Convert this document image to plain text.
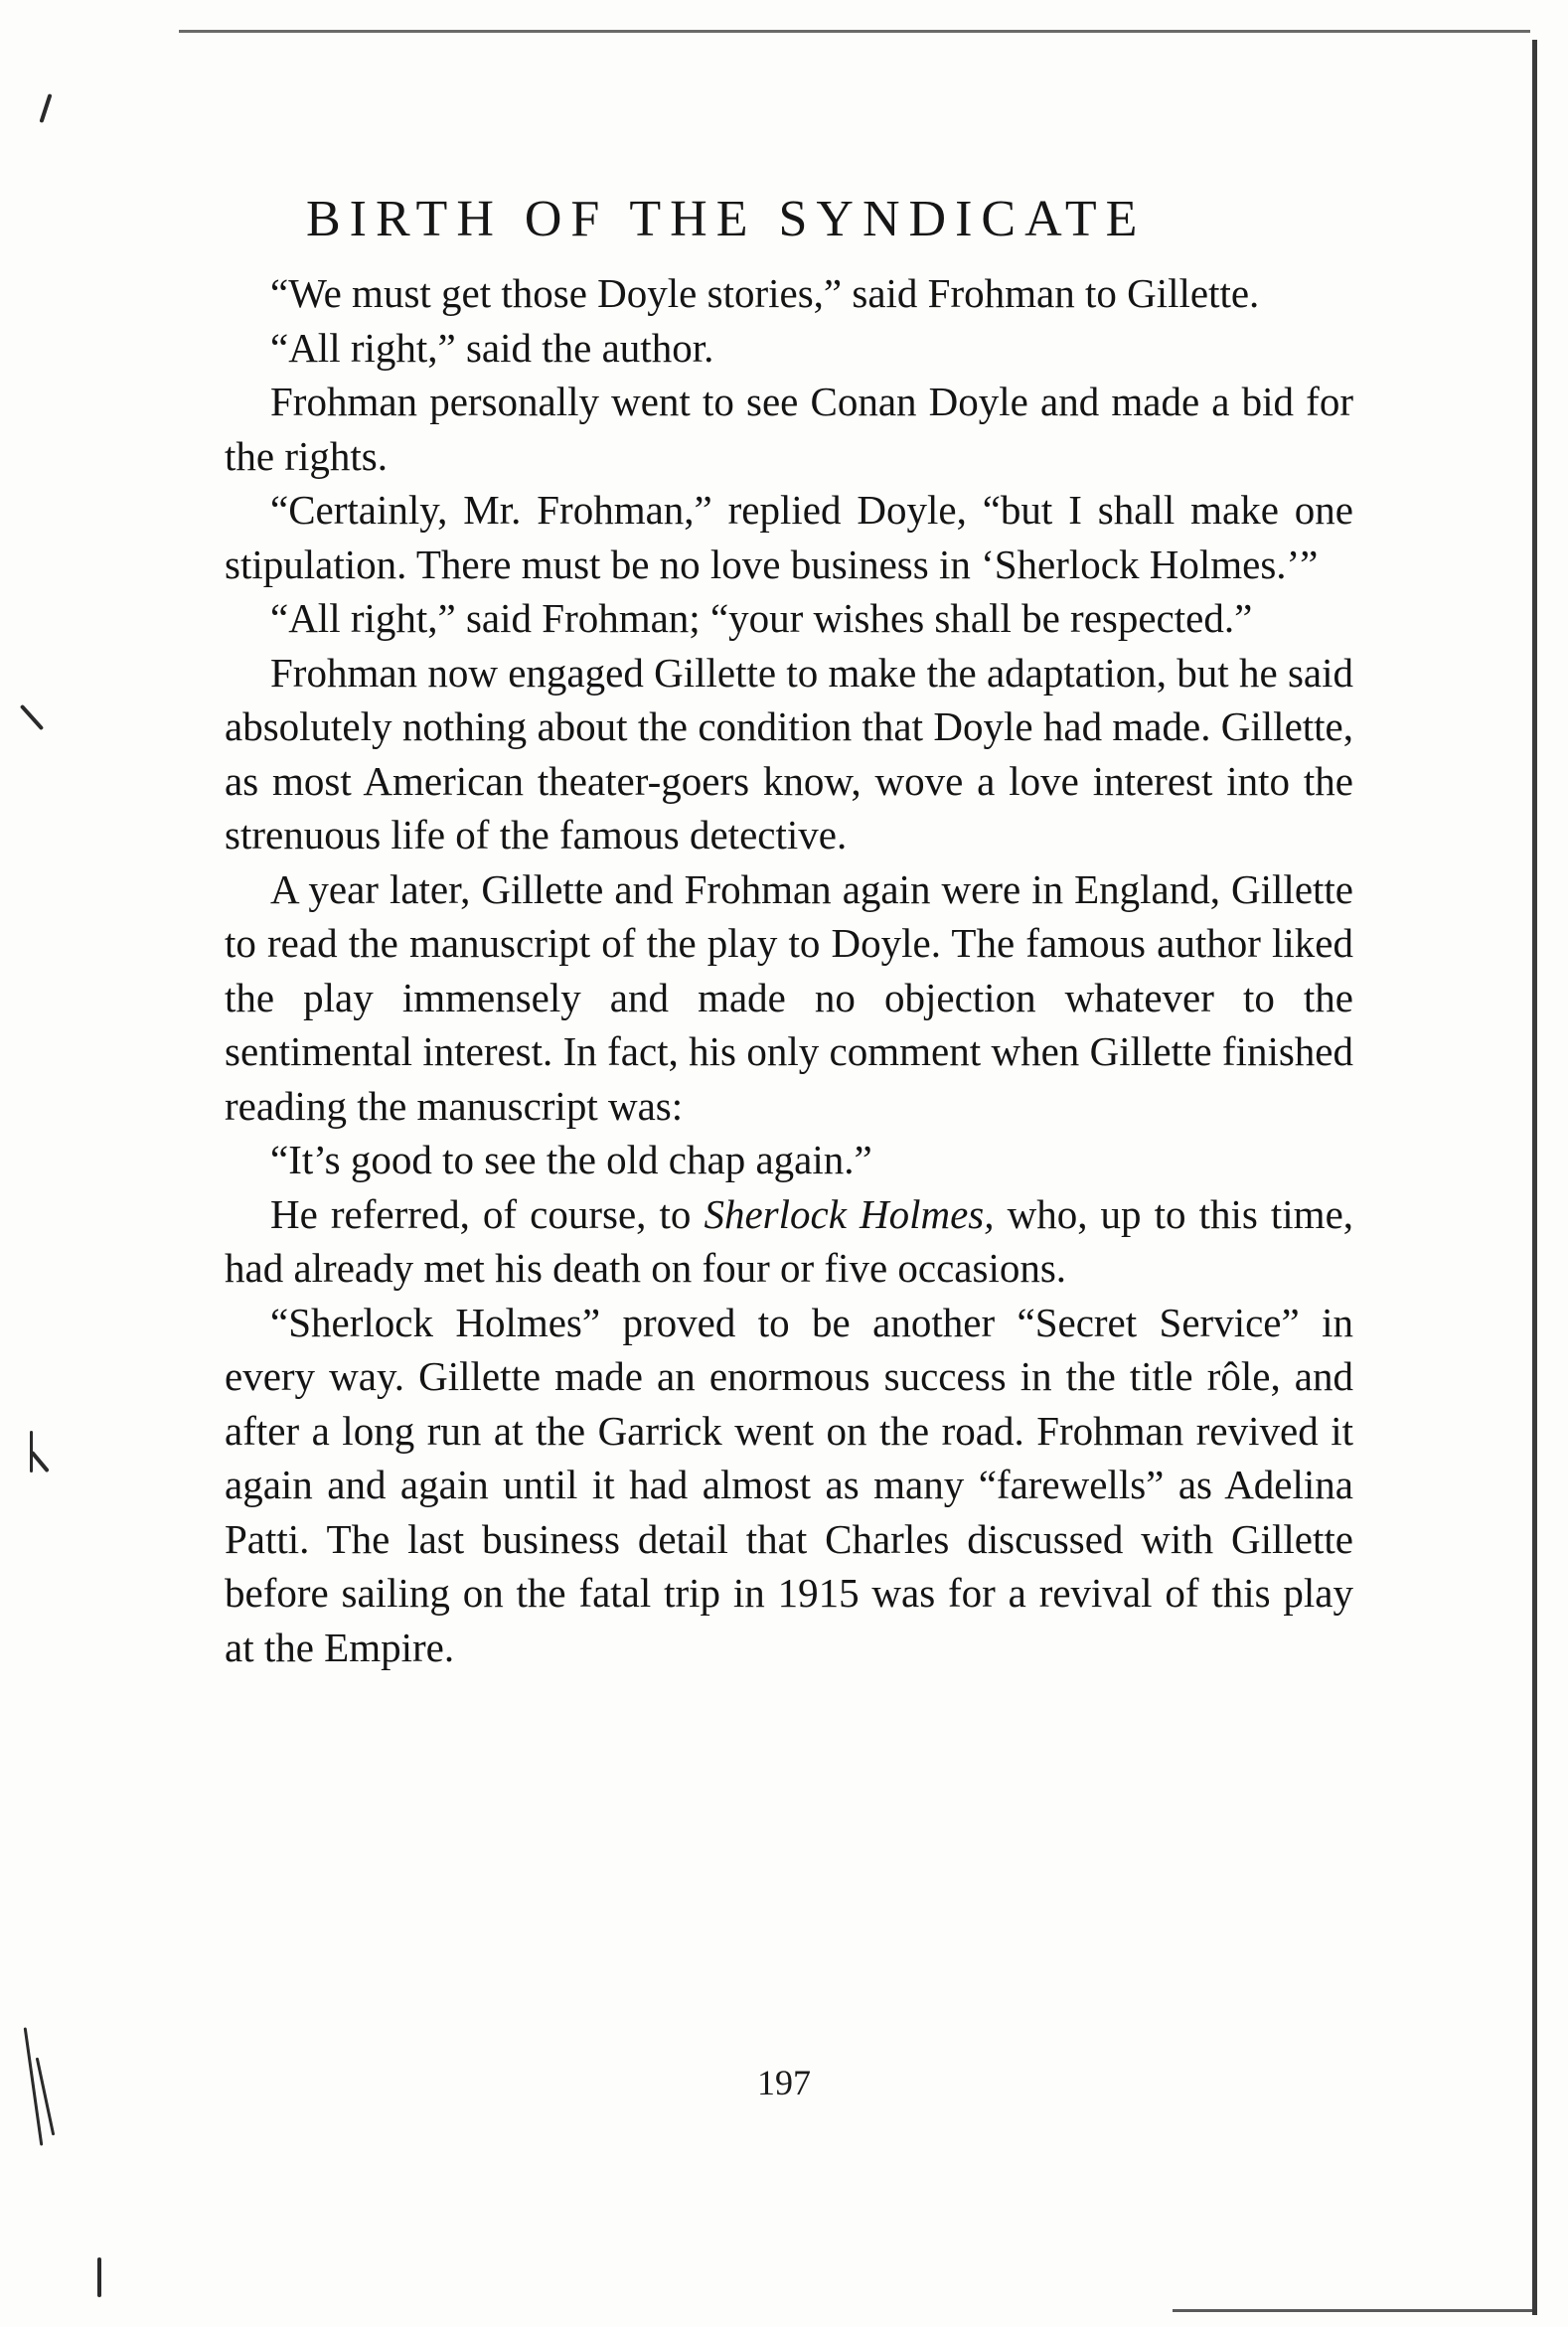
BIRTH OF THE SYNDICATE

“We must get those Doyle stories,” said Frohman to Gillette.

“All right,” said the author.

Frohman personally went to see Conan Doyle and made a bid for the rights.

“Certainly, Mr. Frohman,” replied Doyle, “but I shall make one stipulation. There must be no love business in ‘Sherlock Holmes.’”

“All right,” said Frohman; “your wishes shall be respected.”

Frohman now engaged Gillette to make the adaptation, but he said absolutely nothing about the condition that Doyle had made. Gillette, as most American theater-goers know, wove a love interest into the strenuous life of the famous detective.

A year later, Gillette and Frohman again were in England, Gillette to read the manuscript of the play to Doyle. The famous author liked the play immensely and made no objection whatever to the sentimental interest. In fact, his only comment when Gillette finished reading the manuscript was:

“It’s good to see the old chap again.”

He referred, of course, to Sherlock Holmes, who, up to this time, had already met his death on four or five occasions.

“Sherlock Holmes” proved to be another “Secret Service” in every way. Gillette made an enormous success in the title rôle, and after a long run at the Garrick went on the road. Frohman revived it again and again until it had almost as many “farewells” as Adelina Patti. The last business detail that Charles discussed with Gillette before sailing on the fatal trip in 1915 was for a revival of this play at the Empire.

197
